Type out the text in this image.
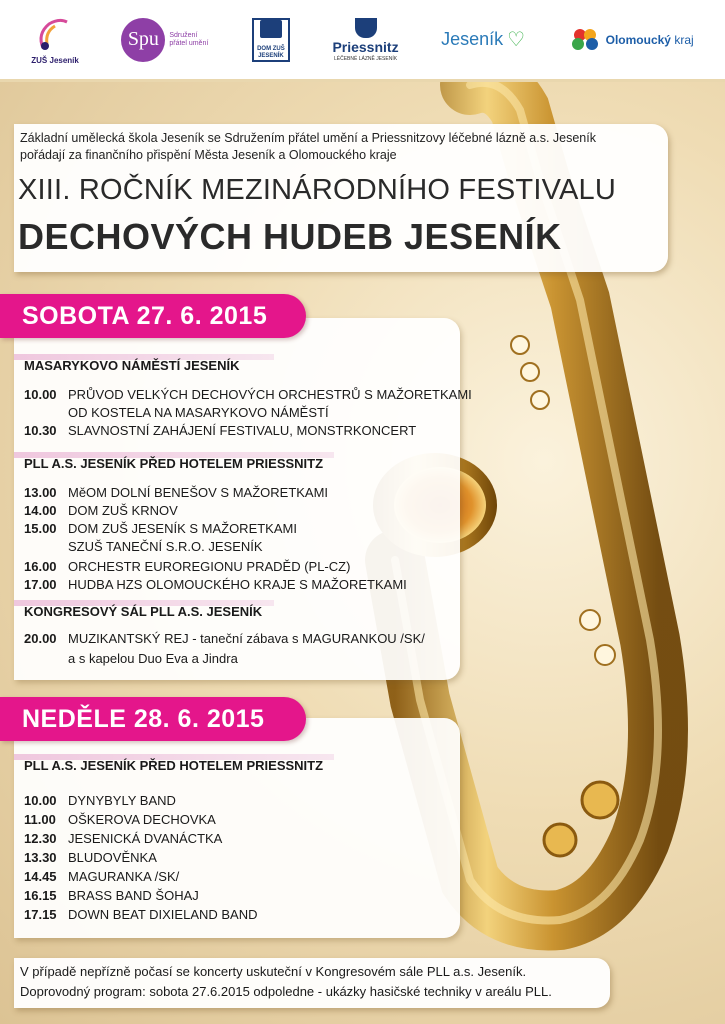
ZUŠ Jeseník
Spu	Sdružení přátel umění
DOM ZUŠ JESENÍK
Priessnitz
LÉČEBNÉ LÁZNĚ JESENÍK
Jeseník ♡	Olomoucký kraj
Základní umělecká škola Jeseník se Sdružením přátel umění a Priessnitzovy léčebné lázně a.s. Jeseník
pořádají za finančního přispění Města Jeseník a Olomouckého kraje
XIII. ROČNÍK MEZINÁRODNÍHO FESTIVALU
DECHOVÝCH HUDEB JESENÍK
MASARYKOVO NÁMĚSTÍ JESENÍK
10.00 PRŮVOD VELKÝCH DECHOVÝCH ORCHESTRŮ S MAŽORETKAMI
OD KOSTELA NA MASARYKOVO NÁMĚSTÍ
10.30 SLAVNOSTNÍ ZAHÁJENÍ FESTIVALU, MONSTRKONCERT
PLL A.S. JESENÍK PŘED HOTELEM PRIESSNITZ
13.00 MěOM DOLNÍ BENEŠOV S MAŽORETKAMI
14.00 DOM ZUŠ KRNOV
15.00 DOM ZUŠ JESENÍK S MAŽORETKAMI
SZUŠ TANEČNÍ S.R.O. JESENÍK
16.00 ORCHESTR EUROREGIONU PRADĚD (PL-CZ)
17.00 HUDBA HZS OLOMOUCKÉHO KRAJE S MAŽORETKAMI
KONGRESOVÝ SÁL PLL A.S. JESENÍK
20.00 MUZIKANTSKÝ REJ - taneční zábava s MAGURANKOU /SK/
a s kapelou Duo Eva a Jindra
SOBOTA 27. 6. 2015
PLL A.S. JESENÍK PŘED HOTELEM PRIESSNITZ
10.00 DYNYBYLY BAND
11.00 OŠKEROVA DECHOVKA
12.30 JESENICKÁ DVANÁCTKA
13.30 BLUDOVĚNKA
14.45 MAGURANKA /SK/
16.15 BRASS BAND ŠOHAJ
17.15 DOWN BEAT DIXIELAND BAND
NEDĚLE 28. 6. 2015
V případě nepřízně počasí se koncerty uskuteční v Kongresovém sále PLL a.s. Jeseník.
Doprovodný program: sobota 27.6.2015 odpoledne - ukázky hasičské techniky v areálu PLL.
